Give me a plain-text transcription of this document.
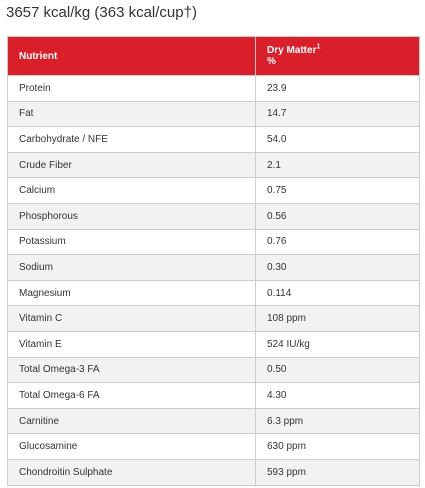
3657 kcal/kg (363 kcal/cup†)
Nutrient	Dry Matter$^1$
%
Protein	23.9
Fat	14.7
Carbohydrate / NFE	54.0
Crude Fiber	2.1
Calcium	0.75
Phosphorous	0.56
Potassium	0.76
Sodium	0.30
Magnesium	0.114
Vitamin C	108 ppm
Vitamin E	524 IU/kg
Total Omega-3 FA	0.50
Total Omega-6 FA	4.30
Carnitine	6.3 ppm
Glucosamine	630 ppm
Chondroitin Sulphate	593 ppm
